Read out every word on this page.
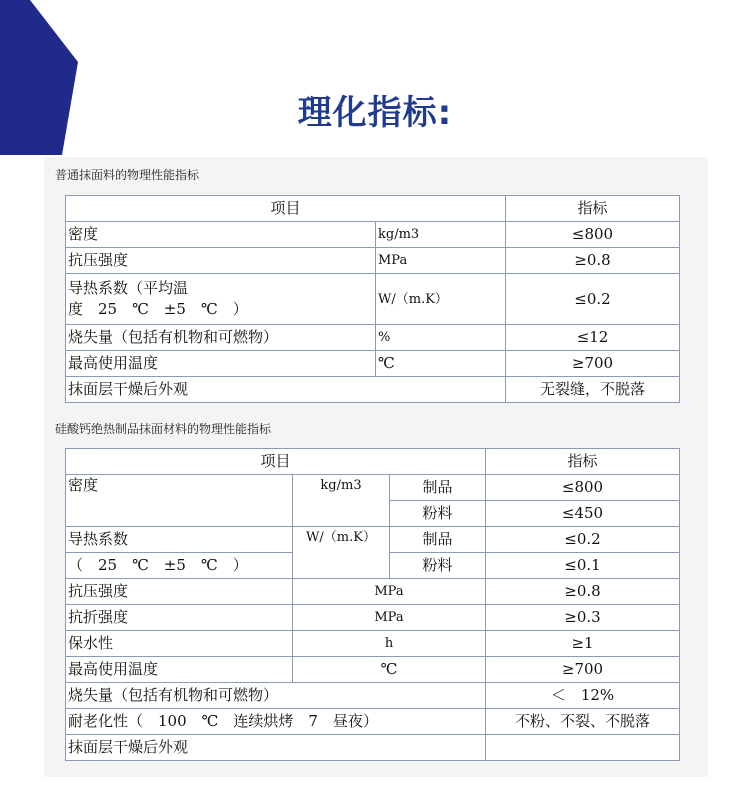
理化指标:
普通抹面料的物理性能指标
项目		指标
密度	kg/m3	≤800
抗压强度	MPa	≥0.8

导热系数（平均温
度　25　℃　±5　℃　）	W/（m.K）	≤0.2
烧失量（包括有机物和可燃物）	%	≤12
最高使用温度	℃	≥700
抹面层干燥后外观		无裂缝，不脱落
硅酸钙绝热制品抹面材料的物理性能指标
项目			指标
密度	kg/m3	制品	≤800
		粉料	≤450
导热系数	W/（m.K）	制品	≤0.2
（　25　℃　±5　℃　）		粉料	≤0.1
抗压强度	MPa		≥0.8
抗折强度	MPa		≥0.3
保水性	h		≥1
最高使用温度	℃		≥700
烧失量（包括有机物和可燃物）			＜　12%
耐老化性（　100　℃　连续烘烤　7　昼夜）			不粉、不裂、不脱落
抹面层干燥后外观			
